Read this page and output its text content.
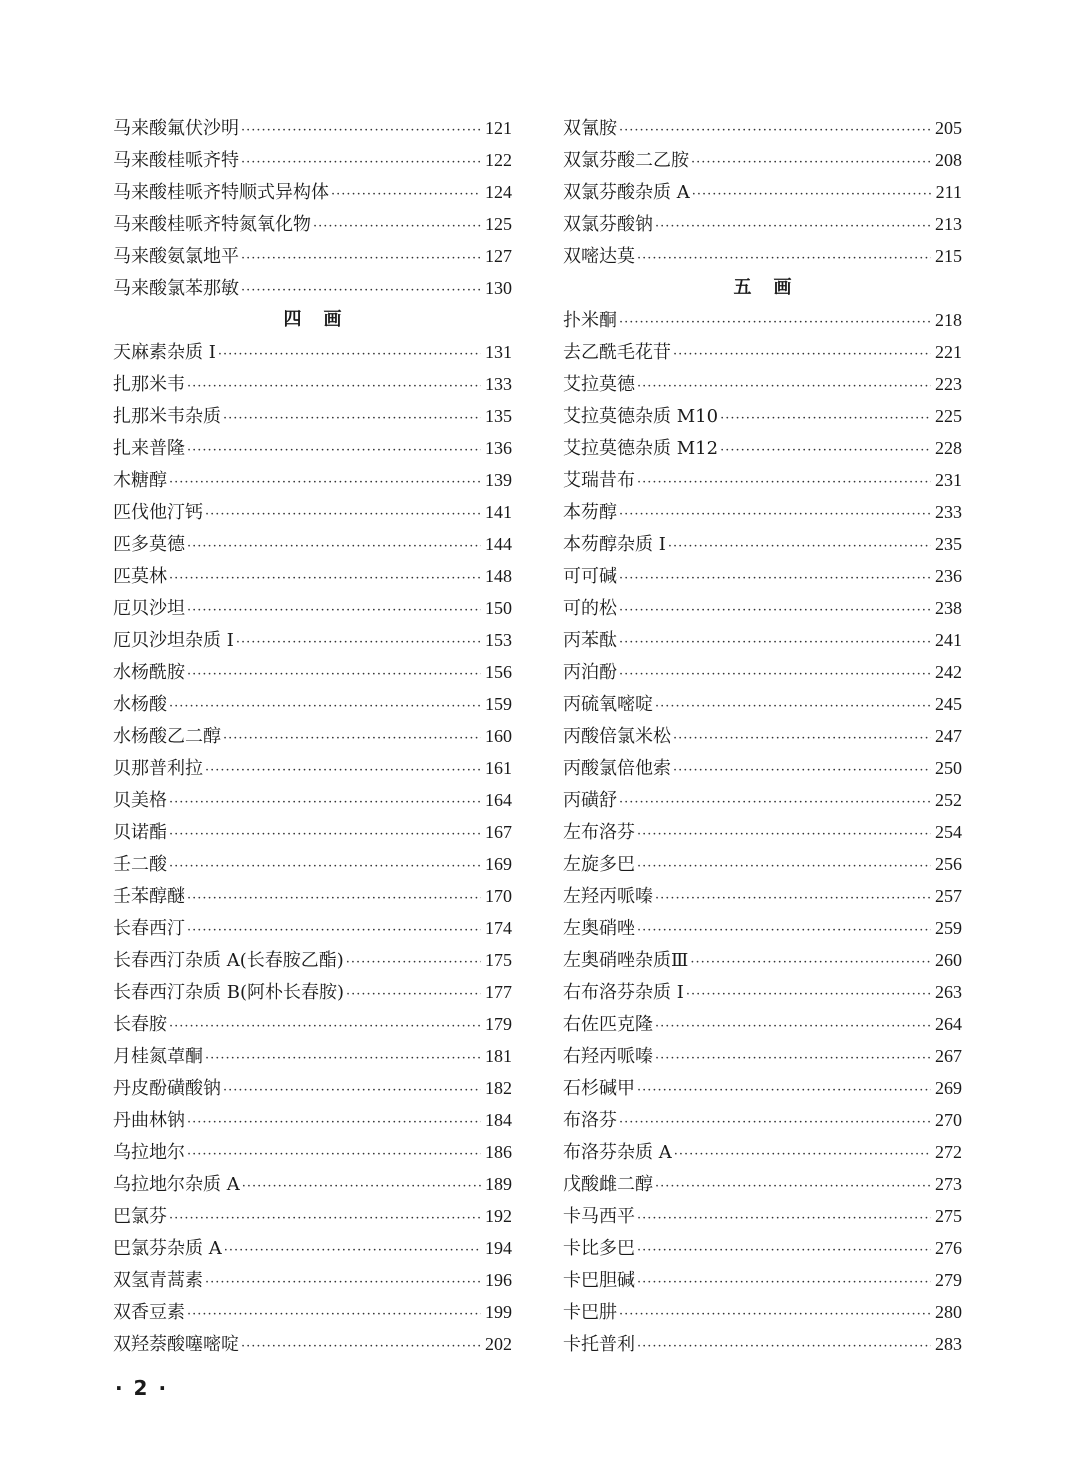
马来酸氟伏沙明 ·····	121
马来酸桂哌齐特 ·····	122
马来酸桂哌齐特顺式异构体 ·····	124
马来酸桂哌齐特氮氧化物 ·····	125
马来酸氨氯地平 ·····	127
马来酸氯苯那敏 ·····	130
四画
天麻素杂质 Ⅰ ·····	131
扎那米韦 ·····	133
扎那米韦杂质 ·····	135
扎来普隆 ·····	136
木糖醇 ·····	139
匹伐他汀钙 ·····	141
匹多莫德 ·····	144
匹莫林 ·····	148
厄贝沙坦 ·····	150
厄贝沙坦杂质 Ⅰ ·····	153
水杨酰胺 ·····	156
水杨酸 ·····	159
水杨酸乙二醇 ·····	160
贝那普利拉 ·····	161
贝美格 ·····	164
贝诺酯 ·····	167
壬二酸 ·····	169
壬苯醇醚 ·····	170
长春西汀 ·····	174
长春西汀杂质 A(长春胺乙酯) ·····	175
长春西汀杂质 B(阿朴长春胺) ·····	177
长春胺 ·····	179
月桂氮䓬酮 ·····	181
丹皮酚磺酸钠 ·····	182
丹曲林钠 ·····	184
乌拉地尔 ·····	186
乌拉地尔杂质 A ·····	189
巴氯芬 ·····	192
巴氯芬杂质 A ·····	194
双氢青蒿素 ·····	196
双香豆素 ·····	199
双羟萘酸噻嘧啶 ·····	202
双氰胺 ·····	205
双氯芬酸二乙胺 ·····	208
双氯芬酸杂质 A ·····	211
双氯芬酸钠 ·····	213
双嘧达莫 ·····	215
五画
扑米酮 ·····	218
去乙酰毛花苷 ·····	221
艾拉莫德 ·····	223
艾拉莫德杂质 M10 ·····	225
艾拉莫德杂质 M12 ·····	228
艾瑞昔布 ·····	231
本芴醇 ·····	233
本芴醇杂质 Ⅰ ·····	235
可可碱 ·····	236
可的松 ·····	238
丙苯酞 ·····	241
丙泊酚 ·····	242
丙硫氧嘧啶 ·····	245
丙酸倍氯米松 ·····	247
丙酸氯倍他索 ·····	250
丙磺舒 ·····	252
左布洛芬 ·····	254
左旋多巴 ·····	256
左羟丙哌嗪 ·····	257
左奥硝唑 ·····	259
左奥硝唑杂质Ⅲ ·····	260
右布洛芬杂质 Ⅰ ·····	263
右佐匹克隆 ·····	264
右羟丙哌嗪 ·····	267
石杉碱甲 ·····	269
布洛芬 ·····	270
布洛芬杂质 A ·····	272
戊酸雌二醇 ·····	273
卡马西平 ·····	275
卡比多巴 ·····	276
卡巴胆碱 ·····	279
卡巴肼 ·····	280
卡托普利 ·····	283
· 2 ·
